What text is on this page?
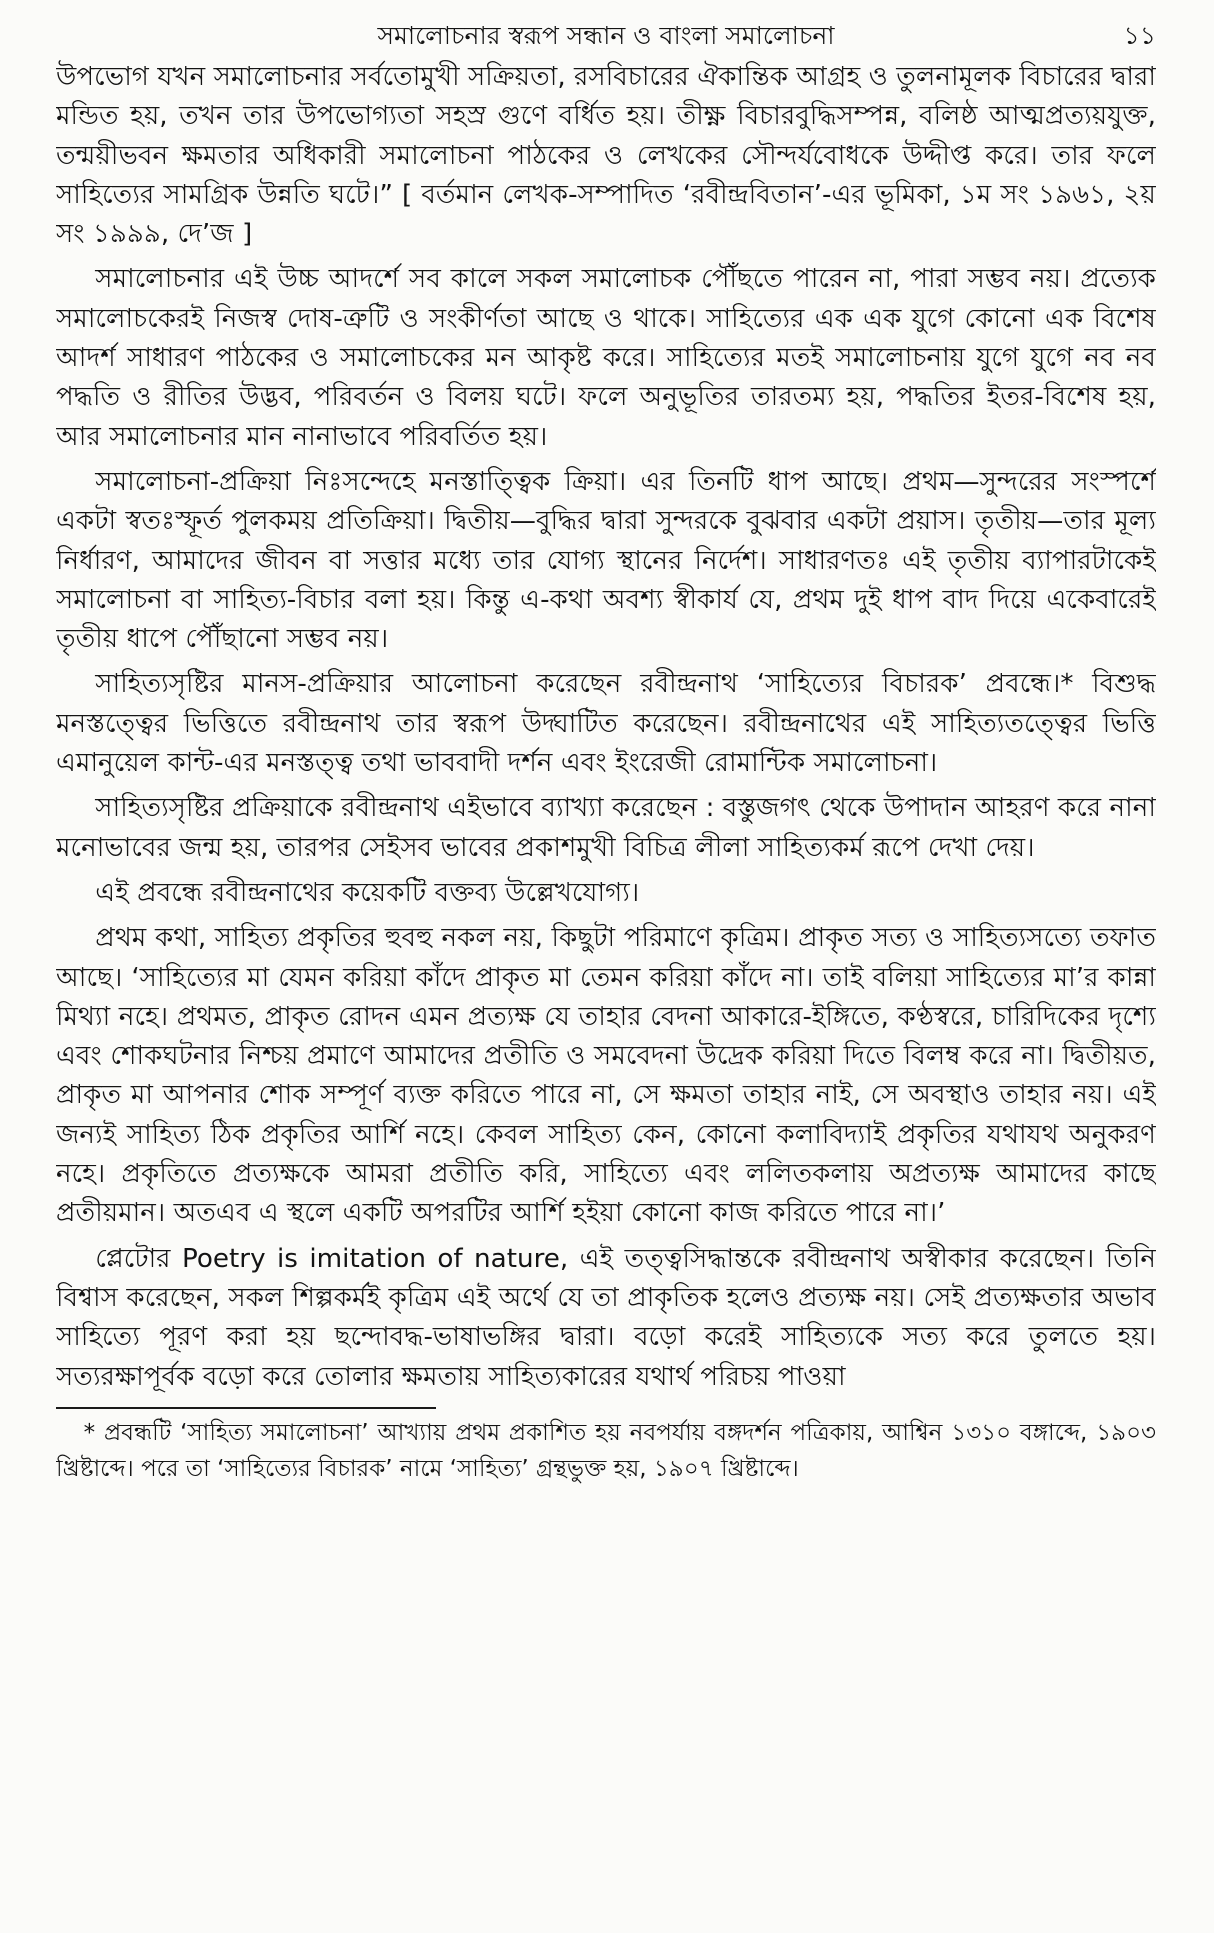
সমালোচনার স্বরূপ সন্ধান ও বাংলা সমালোচনা	১১

উপভোগ যখন সমালোচনার সর্বতোমুখী সক্রিয়তা, রসবিচারের ঐকান্তিক আগ্রহ ও তুলনামূলক বিচারের দ্বারা মন্ডিত হয়, তখন তার উপভোগ্যতা সহস্র গুণে বর্ধিত হয়। তীক্ষ্ণ বিচারবুদ্ধিসম্পন্ন, বলিষ্ঠ আত্মপ্রত্যয়যুক্ত, তন্ময়ীভবন ক্ষমতার অধিকারী সমালোচনা পাঠকের ও লেখকের সৌন্দর্যবোধকে উদ্দীপ্ত করে। তার ফলে সাহিত্যের সামগ্রিক উন্নতি ঘটে।” [ বর্তমান লেখক-সম্পাদিত ‘রবীন্দ্রবিতান’-এর ভূমিকা, ১ম সং ১৯৬১, ২য় সং ১৯৯৯, দে’জ ]

সমালোচনার এই উচ্চ আদর্শে সব কালে সকল সমালোচক পৌঁছতে পারেন না, পারা সম্ভব নয়। প্রত্যেক সমালোচকেরই নিজস্ব দোষ-ত্রুটি ও সংকীর্ণতা আছে ও থাকে। সাহিত্যের এক এক যুগে কোনো এক বিশেষ আদর্শ সাধারণ পাঠকের ও সমালোচকের মন আকৃষ্ট করে। সাহিত্যের মতই সমালোচনায় যুগে যুগে নব নব পদ্ধতি ও রীতির উদ্ভব, পরিবর্তন ও বিলয় ঘটে। ফলে অনুভূতির তারতম্য হয়, পদ্ধতির ইতর-বিশেষ হয়, আর সমালোচনার মান নানাভাবে পরিবর্তিত হয়।

সমালোচনা-প্রক্রিয়া নিঃসন্দেহে মনস্তাত্ত্বিক ক্রিয়া। এর তিনটি ধাপ আছে। প্রথম—সুন্দরের সংস্পর্শে একটা স্বতঃস্ফূর্ত পুলকময় প্রতিক্রিয়া। দ্বিতীয়—বুদ্ধির দ্বারা সুন্দরকে বুঝবার একটা প্রয়াস। তৃতীয়—তার মূল্য নির্ধারণ, আমাদের জীবন বা সত্তার মধ্যে তার যোগ্য স্থানের নির্দেশ। সাধারণতঃ এই তৃতীয় ব্যাপারটাকেই সমালোচনা বা সাহিত্য-বিচার বলা হয়। কিন্তু এ-কথা অবশ্য স্বীকার্য যে, প্রথম দুই ধাপ বাদ দিয়ে একেবারেই তৃতীয় ধাপে পৌঁছানো সম্ভব নয়।

সাহিত্যসৃষ্টির মানস-প্রক্রিয়ার আলোচনা করেছেন রবীন্দ্রনাথ ‘সাহিত্যের বিচারক’ প্রবন্ধে।* বিশুদ্ধ মনস্তত্ত্বের ভিত্তিতে রবীন্দ্রনাথ তার স্বরূপ উদ্ঘাটিত করেছেন। রবীন্দ্রনাথের এই সাহিত্যতত্ত্বের ভিত্তি এমানুয়েল কান্ট-এর মনস্তত্ত্ব তথা ভাববাদী দর্শন এবং ইংরেজী রোমান্টিক সমালোচনা।

সাহিত্যসৃষ্টির প্রক্রিয়াকে রবীন্দ্রনাথ এইভাবে ব্যাখ্যা করেছেন : বস্তুজগৎ থেকে উপাদান আহরণ করে নানা মনোভাবের জন্ম হয়, তারপর সেইসব ভাবের প্রকাশমুখী বিচিত্র লীলা সাহিত্যকর্ম রূপে দেখা দেয়।

এই প্রবন্ধে রবীন্দ্রনাথের কয়েকটি বক্তব্য উল্লেখযোগ্য।

প্রথম কথা, সাহিত্য প্রকৃতির হুবহু নকল নয়, কিছুটা পরিমাণে কৃত্রিম। প্রাকৃত সত্য ও সাহিত্যসত্যে তফাত আছে। ‘সাহিত্যের মা যেমন করিয়া কাঁদে প্রাকৃত মা তেমন করিয়া কাঁদে না। তাই বলিয়া সাহিত্যের মা’র কান্না মিথ্যা নহে। প্রথমত, প্রাকৃত রোদন এমন প্রত্যক্ষ যে তাহার বেদনা আকারে-ইঙ্গিতে, কণ্ঠস্বরে, চারিদিকের দৃশ্যে এবং শোকঘটনার নিশ্চয় প্রমাণে আমাদের প্রতীতি ও সমবেদনা উদ্রেক করিয়া দিতে বিলম্ব করে না। দ্বিতীয়ত, প্রাকৃত মা আপনার শোক সম্পূর্ণ ব্যক্ত করিতে পারে না, সে ক্ষমতা তাহার নাই, সে অবস্থাও তাহার নয়। এই জন্যই সাহিত্য ঠিক প্রকৃতির আর্শি নহে। কেবল সাহিত্য কেন, কোনো কলাবিদ্যাই প্রকৃতির যথাযথ অনুকরণ নহে। প্রকৃতিতে প্রত্যক্ষকে আমরা প্রতীতি করি, সাহিত্যে এবং ললিতকলায় অপ্রত্যক্ষ আমাদের কাছে প্রতীয়মান। অতএব এ স্থলে একটি অপরটির আর্শি হইয়া কোনো কাজ করিতে পারে না।’

প্লেটোর Poetry is imitation of nature, এই তত্ত্বসিদ্ধান্তকে রবীন্দ্রনাথ অস্বীকার করেছেন। তিনি বিশ্বাস করেছেন, সকল শিল্পকর্মই কৃত্রিম এই অর্থে যে তা প্রাকৃতিক হলেও প্রত্যক্ষ নয়। সেই প্রত্যক্ষতার অভাব সাহিত্যে পূরণ করা হয় ছন্দোবদ্ধ-ভাষাভঙ্গির দ্বারা। বড়ো করেই সাহিত্যকে সত্য করে তুলতে হয়। সত্যরক্ষাপূর্বক বড়ো করে তোলার ক্ষমতায় সাহিত্যকারের যথার্থ পরিচয় পাওয়া

* প্রবন্ধটি ‘সাহিত্য সমালোচনা’ আখ্যায় প্রথম প্রকাশিত হয় নবপর্যায় বঙ্গদর্শন পত্রিকায়, আশ্বিন ১৩১০ বঙ্গাব্দে, ১৯০৩ খ্রিষ্টাব্দে। পরে তা ‘সাহিত্যের বিচারক’ নামে ‘সাহিত্য’ গ্রন্থভুক্ত হয়, ১৯০৭ খ্রিষ্টাব্দে।
